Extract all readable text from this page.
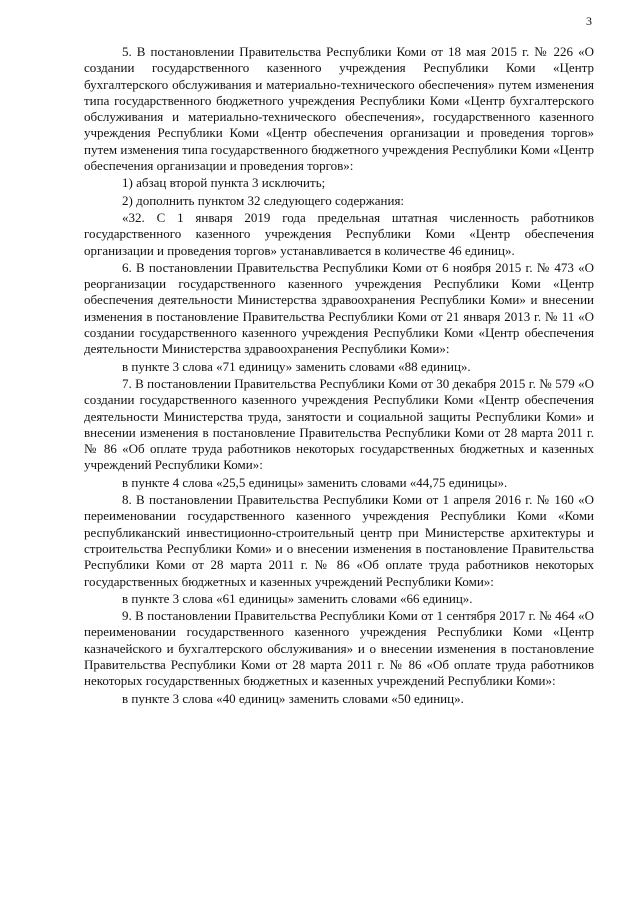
3

5. В постановлении Правительства Республики Коми от 18 мая 2015 г. № 226 «О создании государственного казенного учреждения Республики Коми «Центр бухгалтерского обслуживания и материально-технического обеспечения» путем изменения типа государственного бюджетного учреждения Республики Коми «Центр бухгалтерского обслуживания и материально-технического обеспечения», государственного казенного учреждения Республики Коми «Центр обеспечения организации и проведения торгов» путем изменения типа государственного бюджетного учреждения Республики Коми «Центр обеспечения организации и проведения торгов»:

1) абзац второй пункта 3 исключить;

2) дополнить пунктом 32 следующего содержания:

«32. С 1 января 2019 года предельная штатная численность работников государственного казенного учреждения Республики Коми «Центр обеспечения организации и проведения торгов» устанавливается в количестве 46 единиц».

6. В постановлении Правительства Республики Коми от 6 ноября 2015 г. № 473 «О реорганизации государственного казенного учреждения Республики Коми «Центр обеспечения деятельности Министерства здравоохранения Республики Коми» и внесении изменения в постановление Правительства Республики Коми от 21 января 2013 г. № 11 «О создании государственного казенного учреждения Республики Коми «Центр обеспечения деятельности Министерства здравоохранения Республики Коми»:

в пункте 3 слова «71 единицу» заменить словами «88 единиц».

7. В постановлении Правительства Республики Коми от 30 декабря 2015 г. № 579 «О создании государственного казенного учреждения Республики Коми «Центр обеспечения деятельности Министерства труда, занятости и социальной защиты Республики Коми» и внесении изменения в постановление Правительства Республики Коми от 28 марта 2011 г. № 86 «Об оплате труда работников некоторых государственных бюджетных и казенных учреждений Республики Коми»:

в пункте 4 слова «25,5 единицы» заменить словами «44,75 единицы».

8. В постановлении Правительства Республики Коми от 1 апреля 2016 г. № 160 «О переименовании государственного казенного учреждения Республики Коми «Коми республиканский инвестиционно-строительный центр при Министерстве архитектуры и строительства Республики Коми» и о внесении изменения в постановление Правительства Республики Коми от 28 марта 2011 г. № 86 «Об оплате труда работников некоторых государственных бюджетных и казенных учреждений Республики Коми»:

в пункте 3 слова «61 единицы» заменить словами «66 единиц».

9. В постановлении Правительства Республики Коми от 1 сентября 2017 г. № 464 «О переименовании государственного казенного учреждения Республики Коми «Центр казначейского и бухгалтерского обслуживания» и о внесении изменения в постановление Правительства Республики Коми от 28 марта 2011 г. № 86 «Об оплате труда работников некоторых государственных бюджетных и казенных учреждений Республики Коми»:

в пункте 3 слова «40 единиц» заменить словами «50 единиц».
